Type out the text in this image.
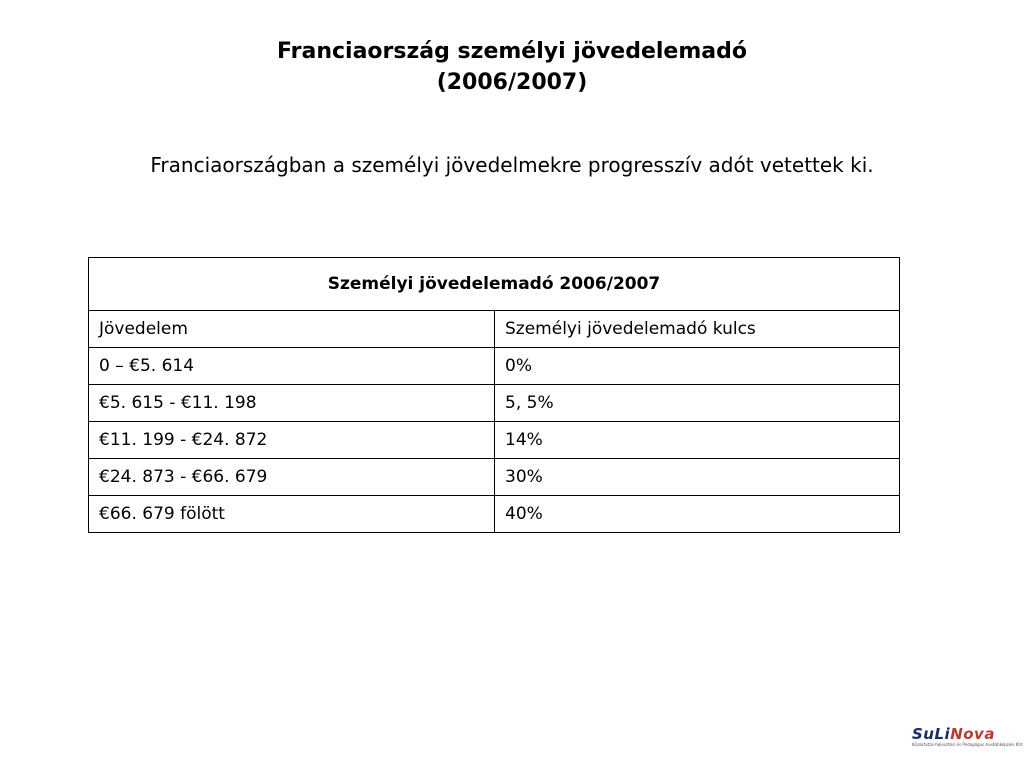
Franciaország személyi jövedelemadó
(2006/2007)

Franciaországban a személyi jövedelmekre progresszív adót vetettek ki.

Személyi jövedelemadó 2006/2007	
Jövedelem	Személyi jövedelemadó kulcs
0 – €5. 614	0%
€5. 615 - €11. 198	5, 5%
€11. 199 - €24. 872	14%
€24. 873 - €66. 679	30%
€66. 679 fölött	40%
SuLiNova
Közoktatás-fejlesztési és Pedagógus-továbbképzési Kht.
